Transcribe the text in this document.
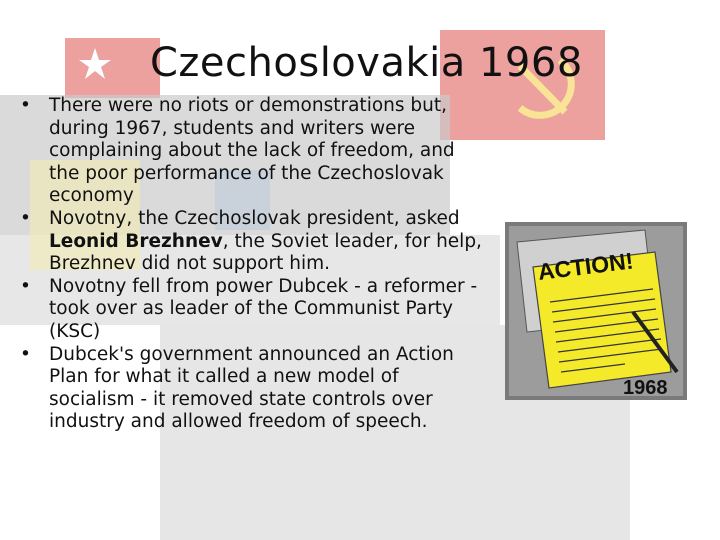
Czechoslovakia 1968
• There were no riots or demonstrations but, during 1967, students and writers were complaining about the lack of freedom, and the poor performance of the Czechoslovak economy
• Novotny, the Czechoslovak president, asked Leonid Brezhnev, the Soviet leader, for help, Brezhnev did not support him.
• Novotny fell from power Dubcek - a reformer - took over as leader of the Communist Party (KSC)
• Dubcek's government announced an Action Plan for what it called a new model of socialism - it removed state controls over industry and allowed freedom of speech.
ACTION!
1968
